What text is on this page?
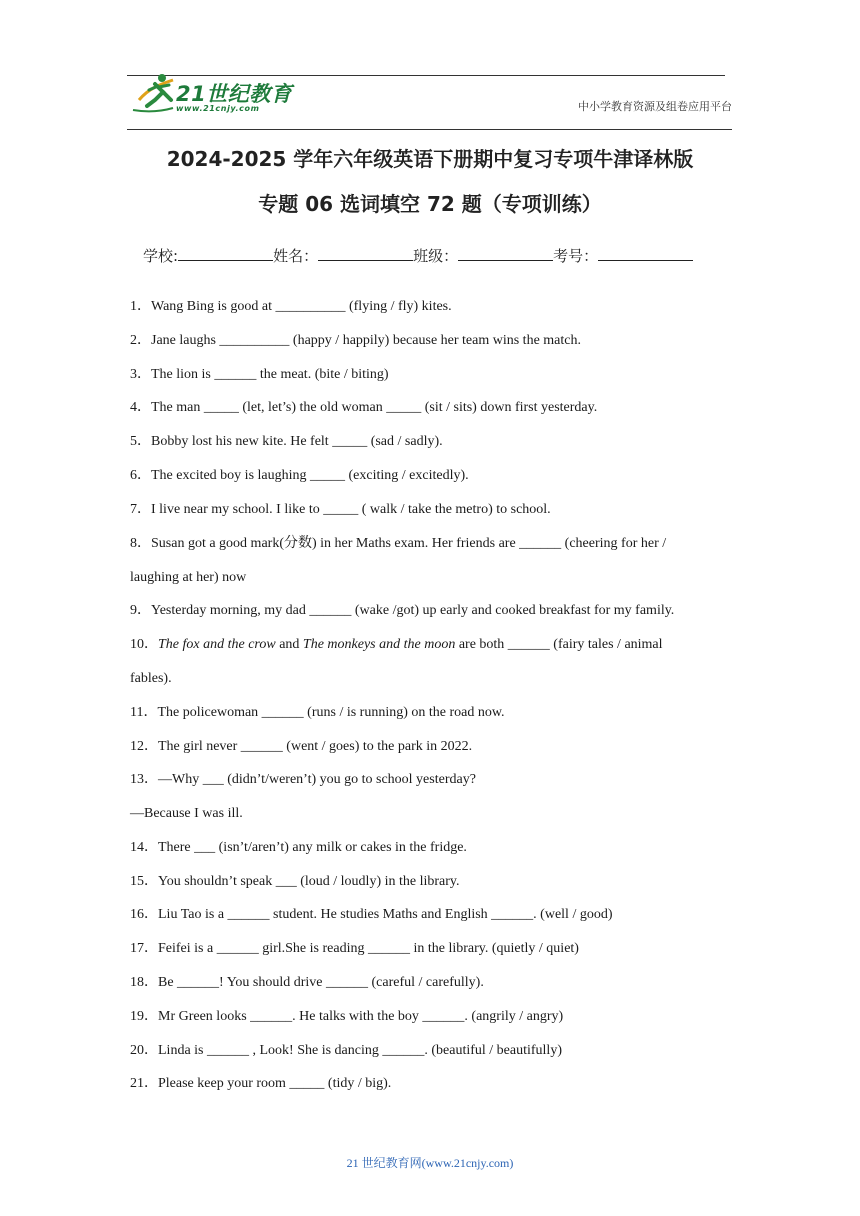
21世纪教育
www.21cnjy.com	中小学教育资源及组卷应用平台
2024-2025 学年六年级英语下册期中复习专项牛津译林版
专题 06 选词填空 72 题（专项训练）
学校:	姓名：	班级：	考号：
1．Wang Bing is good at __________ (flying / fly) kites.
2．Jane laughs __________ (happy / happily) because her team wins the match.
3．The lion is ______ the meat. (bite / biting)
4．The man _____ (let, let’s) the old woman _____ (sit / sits) down first yesterday.
5．Bobby lost his new kite. He felt _____ (sad / sadly).
6．The excited boy is laughing _____ (exciting / excitedly).
7．I live near my school. I like to _____ ( walk / take the metro) to school.
8．Susan got a good mark(分数) in her Maths exam. Her friends are ______ (cheering for her /
laughing at her) now
9．Yesterday morning, my dad ______ (wake /got) up early and cooked breakfast for my family.
10．The fox and the crow and The monkeys and the moon are both ______ (fairy tales / animal
fables).
11．The policewoman ______ (runs / is running) on the road now.
12．The girl never ______ (went / goes) to the park in 2022.
13．—Why ___ (didn’t/weren’t) you go to school yesterday?
—Because I was ill.
14．There ___ (isn’t/aren’t) any milk or cakes in the fridge.
15．You shouldn’t speak ___ (loud / loudly) in the library.
16．Liu Tao is a ______ student. He studies Maths and English ______. (well / good)
17．Feifei is a ______ girl.She is reading ______ in the library. (quietly / quiet)
18．Be ______! You should drive ______ (careful / carefully).
19．Mr Green looks ______. He talks with the boy ______. (angrily / angry)
20．Linda is ______ , Look! She is dancing ______. (beautiful / beautifully)
21．Please keep your room _____ (tidy / big).
21 世纪教育网(www.21cnjy.com)
